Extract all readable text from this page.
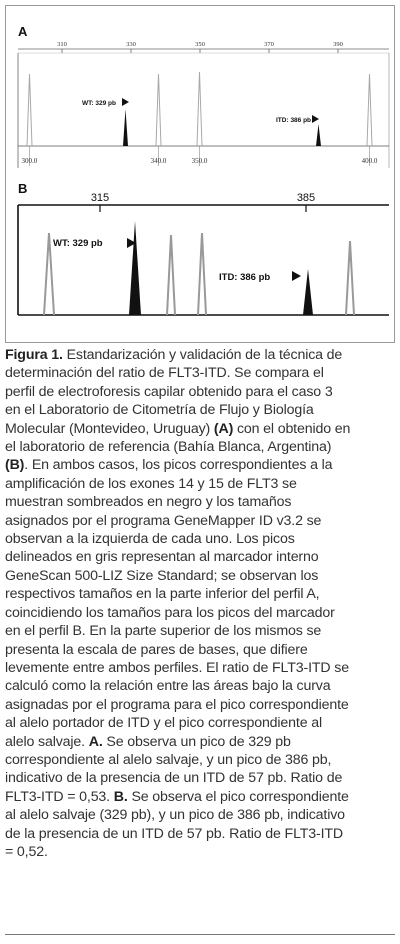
A
B
310	330	350	370	390
WT: 329 pb
ITD: 386 pb
300.0	340.0	350.0	400.0
315	385
WT: 329 pb
ITD: 386 pb
Figura 1. Estandarización y validación de la técnica de
determinación del ratio de FLT3-ITD. Se compara el
perfil de electroforesis capilar obtenido para el caso 3
en el Laboratorio de Citometría de Flujo y Biología
Molecular (Montevideo, Uruguay) (A) con el obtenido en
el laboratorio de referencia (Bahía Blanca, Argentina)
(B). En ambos casos, los picos correspondientes a la
amplificación de los exones 14 y 15 de FLT3 se
muestran sombreados en negro y los tamaños
asignados por el programa GeneMapper ID v3.2 se
observan a la izquierda de cada uno. Los picos
delineados en gris representan al marcador interno
GeneScan 500-LIZ Size Standard; se observan los
respectivos tamaños en la parte inferior del perfil A,
coincidiendo los tamaños para los picos del marcador
en el perfil B. En la parte superior de los mismos se
presenta la escala de pares de bases, que difiere
levemente entre ambos perfiles. El ratio de FLT3-ITD se
calculó como la relación entre las áreas bajo la curva
asignadas por el programa para el pico correspondiente
al alelo portador de ITD y el pico correspondiente al
alelo salvaje. A. Se observa un pico de 329 pb
correspondiente al alelo salvaje, y un pico de 386 pb,
indicativo de la presencia de un ITD de 57 pb. Ratio de
FLT3-ITD = 0,53. B. Se observa el pico correspondiente
al alelo salvaje (329 pb), y un pico de 386 pb, indicativo
de la presencia de un ITD de 57 pb. Ratio de FLT3-ITD
= 0,52.
